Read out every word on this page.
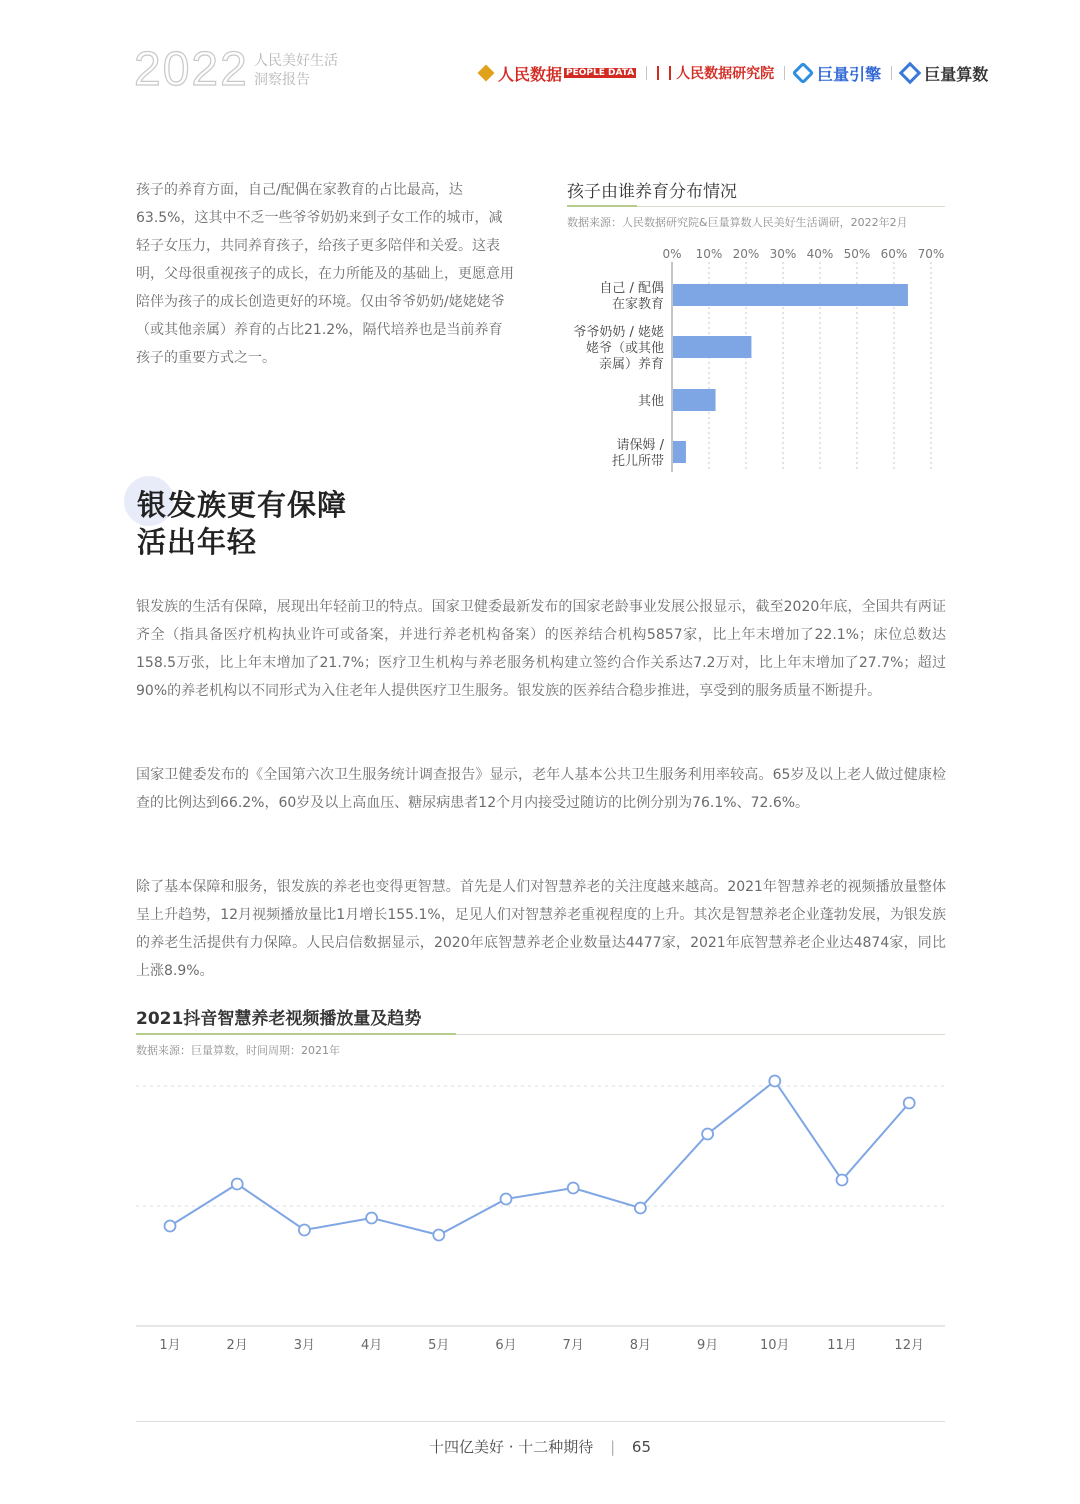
2022 人民美好生活
洞察报告	人民数据 PEOPLE DATA	人民数据研究院	巨量引擎	巨量算数
孩子的养育方面，自己/配偶在家教育的占比最高，达63.5%，这其中不乏一些爷爷奶奶来到子女工作的城市，减轻子女压力，共同养育孩子，给孩子更多陪伴和关爱。这表明，父母很重视孩子的成长，在力所能及的基础上，更愿意用陪伴为孩子的成长创造更好的环境。仅由爷爷奶奶/姥姥姥爷（或其他亲属）养育的占比21.2%，隔代培养也是当前养育孩子的重要方式之一。
孩子由谁养育分布情况
数据来源：人民数据研究院&巨量算数人民美好生活调研，2022年2月
0% 10% 20% 30% 40% 50% 60% 70%
自己 / 配偶
在家教育
爷爷奶奶 / 姥姥
姥爷（或其他
亲属）养育
其他
请保姆 /
托儿所带
银发族更有保障
活出年轻
银发族的生活有保障，展现出年轻前卫的特点。国家卫健委最新发布的国家老龄事业发展公报显示，截至2020年底，全国共有两证齐全（指具备医疗机构执业许可或备案，并进行养老机构备案）的医养结合机构5857家，比上年末增加了22.1%；床位总数达158.5万张，比上年末增加了21.7%；医疗卫生机构与养老服务机构建立签约合作关系达7.2万对，比上年末增加了27.7%；超过90%的养老机构以不同形式为入住老年人提供医疗卫生服务。银发族的医养结合稳步推进，享受到的服务质量不断提升。
国家卫健委发布的《全国第六次卫生服务统计调查报告》显示，老年人基本公共卫生服务利用率较高。65岁及以上老人做过健康检查的比例达到66.2%，60岁及以上高血压、糖尿病患者12个月内接受过随访的比例分别为76.1%、72.6%。
除了基本保障和服务，银发族的养老也变得更智慧。首先是人们对智慧养老的关注度越来越高。2021年智慧养老的视频播放量整体呈上升趋势，12月视频播放量比1月增长155.1%，足见人们对智慧养老重视程度的上升。其次是智慧养老企业蓬勃发展，为银发族的养老生活提供有力保障。人民启信数据显示，2020年底智慧养老企业数量达4477家，2021年底智慧养老企业达4874家，同比上涨8.9%。
2021抖音智慧养老视频播放量及趋势
数据来源：巨量算数，时间周期：2021年
1月	2月	3月	4月	5月	6月	7月	8月	9月	10月	11月	12月
十四亿美好 · 十二种期待 | 65
